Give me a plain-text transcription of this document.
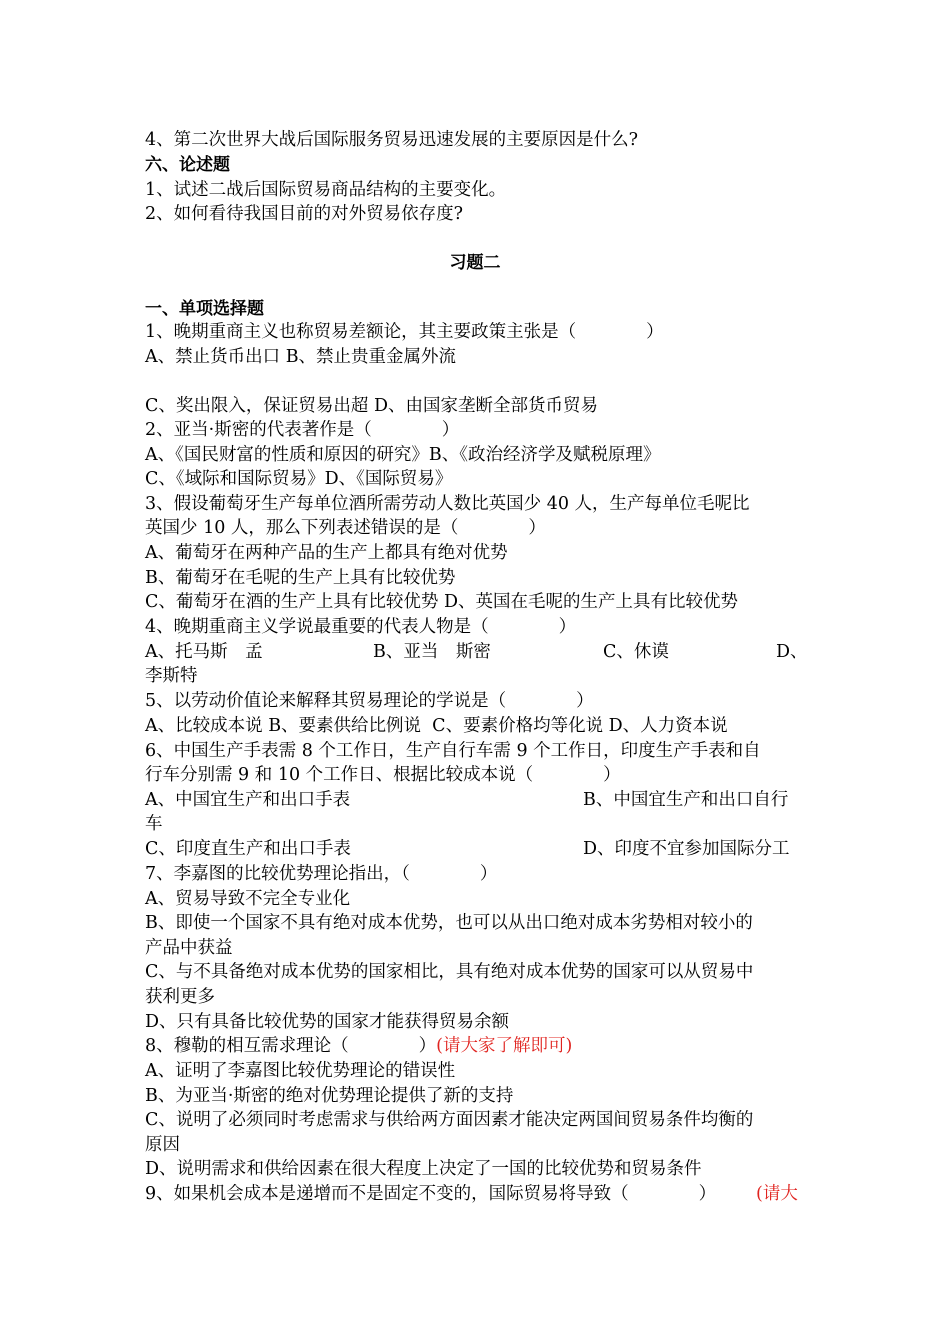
4、第二次世界大战后国际服务贸易迅速发展的主要原因是什么?
六、论述题
1、试述二战后国际贸易商品结构的主要变化。
2、如何看待我国目前的对外贸易依存度?
习题二
一、单项选择题
1、晚期重商主义也称贸易差额论，其主要政策主张是（　　　　）
A、禁止货币出口 B、禁止贵重金属外流
C、奖出限入，保证贸易出超 D、由国家垄断全部货币贸易
2、亚当·斯密的代表著作是（　　　　）
A、《国民财富的性质和原因的研究》B、《政治经济学及赋税原理》
C、《域际和国际贸易》D、《国际贸易》
3、假设葡萄牙生产每单位酒所需劳动人数比英国少 40 人，生产每单位毛呢比
英国少 10 人，那么下列表述错误的是（　　　　）
A、葡萄牙在两种产品的生产上都具有绝对优势
B、葡萄牙在毛呢的生产上具有比较优势
C、葡萄牙在酒的生产上具有比较优势 D、英国在毛呢的生产上具有比较优势
4、晚期重商主义学说最重要的代表人物是（　　　　）
A、托马斯　孟	B、亚当　斯密	C、休谟	D、
李斯特
5、以劳动价值论来解释其贸易理论的学说是（　　　　）
A、比较成本说 B、要素供给比例说  C、要素价格均等化说 D、人力资本说
6、中国生产手表需 8 个工作日，生产自行车需 9 个工作日，印度生产手表和自
行车分别需 9 和 10 个工作日、根据比较成本说（　　　　）
A、中国宜生产和出口手表	B、中国宜生产和出口自行
车
C、印度直生产和出口手表	D、印度不宜参加国际分工
7、李嘉图的比较优势理论指出，（　　　　）
A、贸易导致不完全专业化
B、即使一个国家不具有绝对成本优势，也可以从出口绝对成本劣势相对较小的
产品中获益
C、与不具备绝对成本优势的国家相比，具有绝对成本优势的国家可以从贸易中
获利更多
D、只有具备比较优势的国家才能获得贸易余额
8、穆勒的相互需求理论（　　　　）(请大家了解即可)
A、证明了李嘉图比较优势理论的错误性
B、为亚当·斯密的绝对优势理论提供了新的支持
C、说明了必须同时考虑需求与供给两方面因素才能决定两国间贸易条件均衡的
原因
D、说明需求和供给因素在很大程度上决定了一国的比较优势和贸易条件
9、如果机会成本是递增而不是固定不变的，国际贸易将导致（　　　　） (请大
